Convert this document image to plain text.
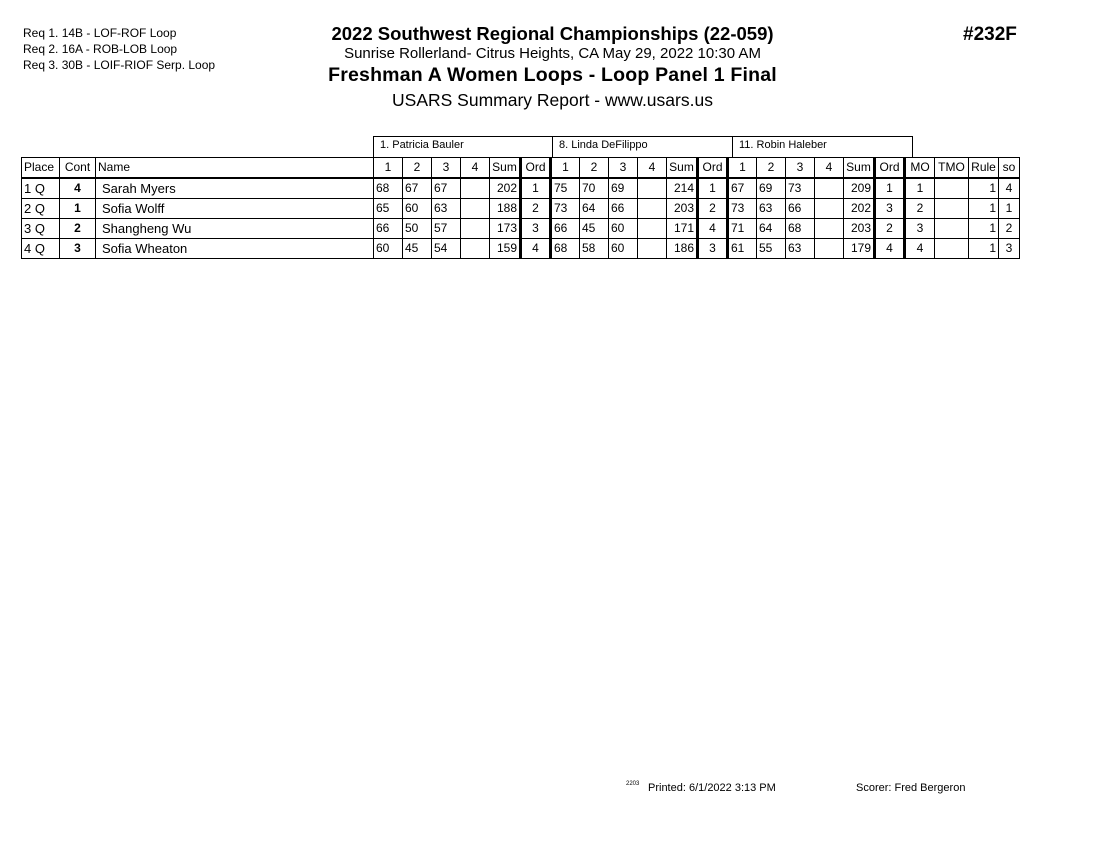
Req 1. 14B - LOF-ROF Loop
Req 2. 16A - ROB-LOB Loop
Req 3. 30B - LOIF-RIOF Serp. Loop
2022 Southwest Regional Championships (22-059)
Sunrise Rollerland- Citrus Heights, CA May 29, 2022 10:30 AM
Freshman A Women Loops - Loop Panel 1 Final
USARS Summary Report - www.usars.us
#232F
1. Patricia Bauler	8. Linda DeFilippo	11. Robin Haleber
Place	Cont	Name	1	2	3	4	Sum	Ord	1	2	3	4	Sum	Ord	1	2	3	4	Sum	Ord	MO	TMO	Rule	so
1 Q	4	Sarah Myers	68	67	67		202	1	75	70	69		214	1	67	69	73		209	1	1		1	4
2 Q	1	Sofia Wolff	65	60	63		188	2	73	64	66		203	2	73	63	66		202	3	2		1	1
3 Q	2	Shangheng Wu	66	50	57		173	3	66	45	60		171	4	71	64	68		203	2	3		1	2
4 Q	3	Sofia Wheaton	60	45	54		159	4	68	58	60		186	3	61	55	63		179	4	4		1	3
2203 Printed: 6/1/2022 3:13 PM	Scorer: Fred Bergeron
